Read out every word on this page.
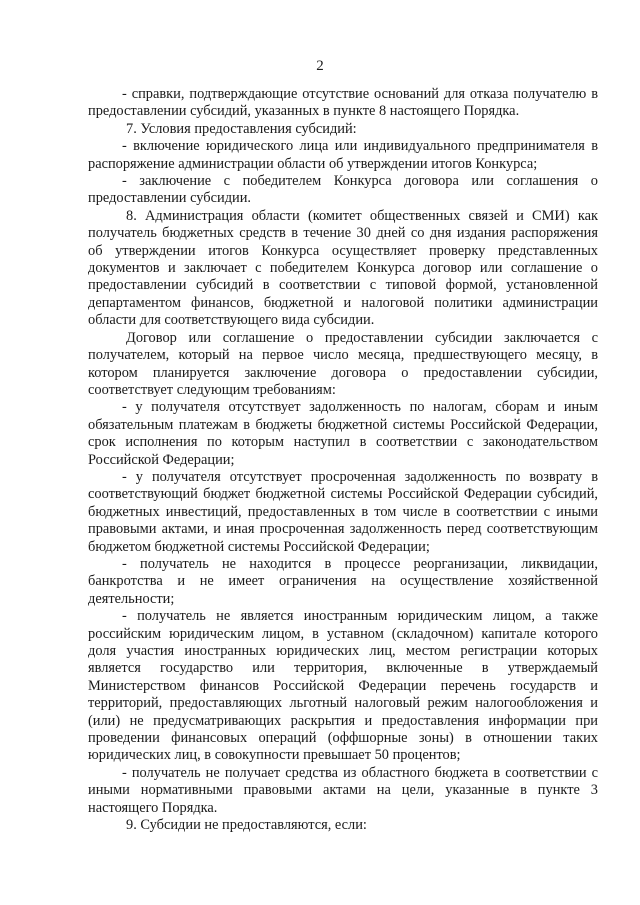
2

- справки, подтверждающие отсутствие оснований для отказа получателю в предоставлении субсидий, указанных в пункте 8 настоящего Порядка.

7. Условия предоставления субсидий:

- включение юридического лица или индивидуального предпринимателя в распоряжение администрации области об утверждении итогов Конкурса;

- заключение с победителем Конкурса договора или соглашения о предоставлении субсидии.

8. Администрация области (комитет общественных связей и СМИ) как получатель бюджетных средств в течение 30 дней со дня издания распоряжения об утверждении итогов Конкурса осуществляет проверку представленных документов и заключает с победителем Конкурса договор или соглашение о предоставлении субсидий в соответствии с типовой формой, установленной департаментом финансов, бюджетной и налоговой политики администрации области для соответствующего вида субсидии.

Договор или соглашение о предоставлении субсидии заключается с получателем, который на первое число месяца, предшествующего месяцу, в котором планируется заключение договора о предоставлении субсидии, соответствует следующим требованиям:

- у получателя отсутствует задолженность по налогам, сборам и иным обязательным платежам в бюджеты бюджетной системы Российской Федерации, срок исполнения по которым наступил в соответствии с законодательством Российской Федерации;

- у получателя отсутствует просроченная задолженность по возврату в соответствующий бюджет бюджетной системы Российской Федерации субсидий, бюджетных инвестиций, предоставленных в том числе в соответствии с иными правовыми актами, и иная просроченная задолженность перед соответствующим бюджетом бюджетной системы Российской Федерации;

- получатель не находится в процессе реорганизации, ликвидации, банкротства и не имеет ограничения на осуществление хозяйственной деятельности;

- получатель не является иностранным юридическим лицом, а также российским юридическим лицом, в уставном (складочном) капитале которого доля участия иностранных юридических лиц, местом регистрации которых является государство или территория, включенные в утверждаемый Министерством финансов Российской Федерации перечень государств и территорий, предоставляющих льготный налоговый режим налогообложения и (или) не предусматривающих раскрытия и предоставления информации при проведении финансовых операций (оффшорные зоны) в отношении таких юридических лиц, в совокупности превышает 50 процентов;

- получатель не получает средства из областного бюджета в соответствии с иными нормативными правовыми актами на цели, указанные в пункте 3 настоящего Порядка.

9. Субсидии не предоставляются, если:
